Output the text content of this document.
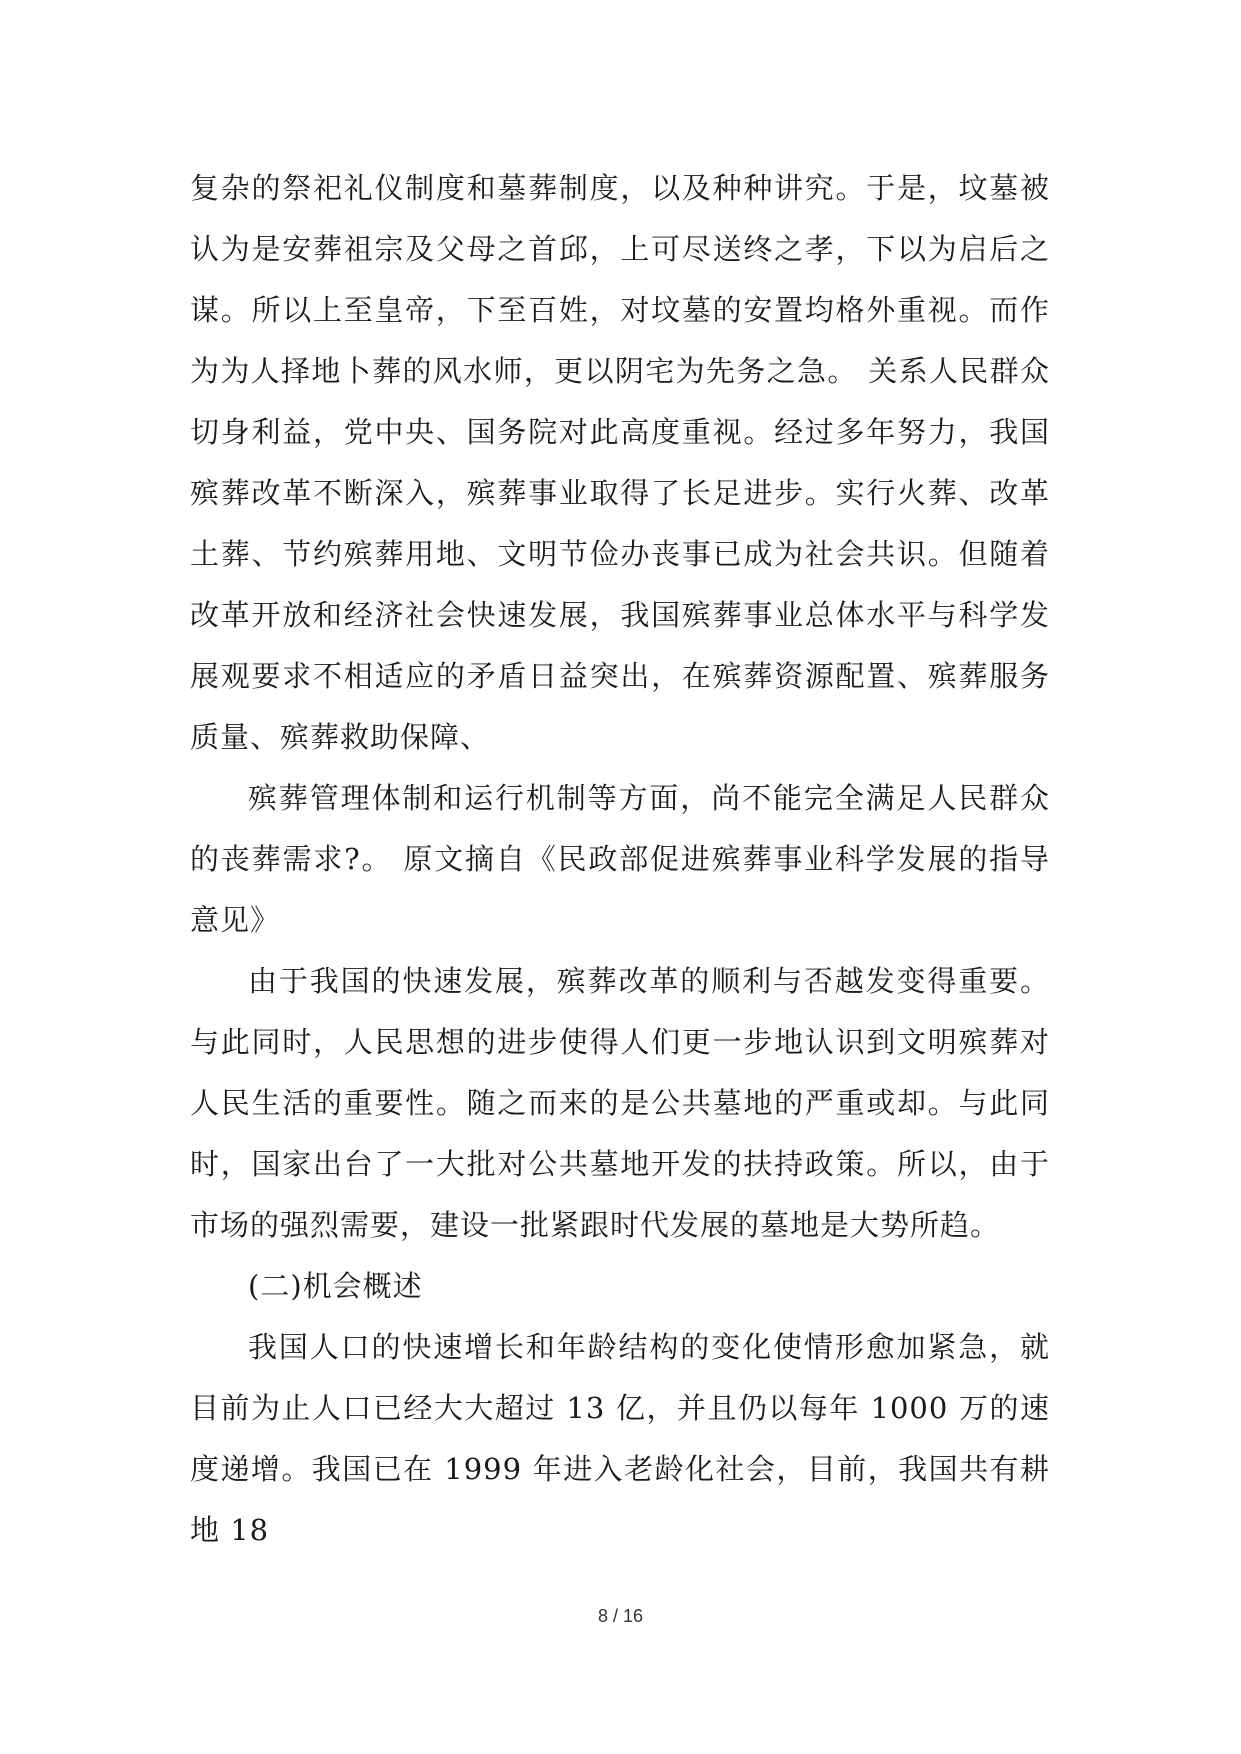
复杂的祭祀礼仪制度和墓葬制度，以及种种讲究。于是，坟墓被认为是安葬祖宗及父母之首邱，上可尽送终之孝，下以为启后之谋。所以上至皇帝，下至百姓，对坟墓的安置均格外重视。而作为为人择地卜葬的风水师，更以阴宅为先务之急。 关系人民群众切身利益，党中央、国务院对此高度重视。经过多年努力，我国殡葬改革不断深入，殡葬事业取得了长足进步。实行火葬、改革土葬、节约殡葬用地、文明节俭办丧事已成为社会共识。但随着改革开放和经济社会快速发展，我国殡葬事业总体水平与科学发展观要求不相适应的矛盾日益突出，在殡葬资源配置、殡葬服务质量、殡葬救助保障、

殡葬管理体制和运行机制等方面，尚不能完全满足人民群众的丧葬需求?。 原文摘自《民政部促进殡葬事业科学发展的指导意见》

由于我国的快速发展，殡葬改革的顺利与否越发变得重要。与此同时，人民思想的进步使得人们更一步地认识到文明殡葬对人民生活的重要性。随之而来的是公共墓地的严重或却。与此同时，国家出台了一大批对公共墓地开发的扶持政策。所以，由于市场的强烈需要，建设一批紧跟时代发展的墓地是大势所趋。

(二)机会概述

我国人口的快速增长和年龄结构的变化使情形愈加紧急，就目前为止人口已经大大超过 13 亿，并且仍以每年 1000 万的速度递增。我国已在 1999 年进入老龄化社会，目前，我国共有耕地 18

8 / 16
